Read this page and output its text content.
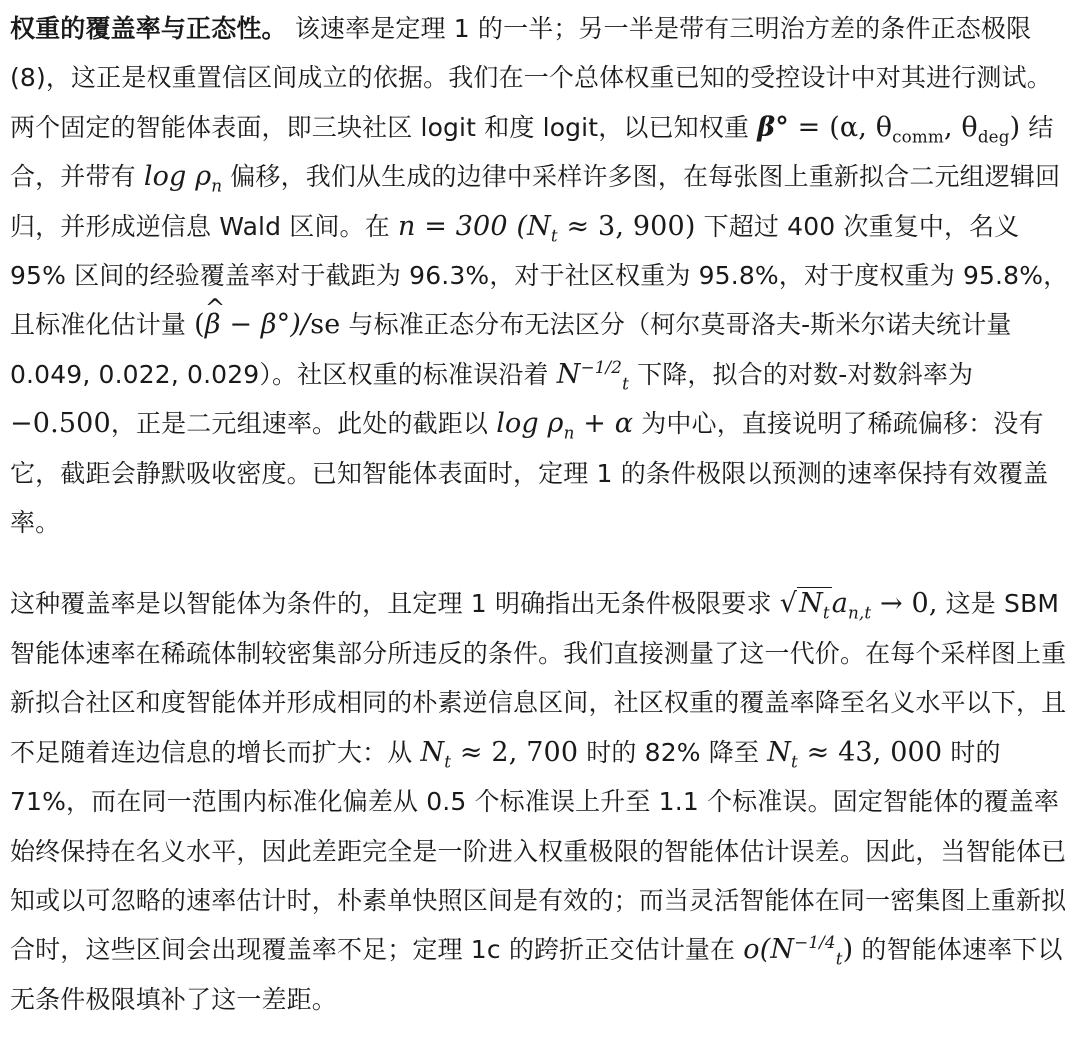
权重的覆盖率与正态性。 该速率是定理 1 的一半；另一半是带有三明治方差的条件正态极限 (8)，这正是权重置信区间成立的依据。我们在一个总体权重已知的受控设计中对其进行测试。两个固定的智能体表面，即三块社区 logit 和度 logit，以已知权重 β° = (α, $\theta_{comm}$, $\theta_{deg}$) 结合，并带有 $\log \rho_n$ 偏移，我们从生成的边律中采样许多图，在每张图上重新拟合二元组逻辑回归，并形成逆信息 Wald 区间。在 n = 300 ($N_t \approx 3$, 900) 下超过 400 次重复中，名义 95% 区间的经验覆盖率对于截距为 96.3%，对于社区权重为 95.8%，对于度权重为 95.8%，且标准化估计量 (^ β − β°)/se 与标准正态分布无法区分（柯尔莫哥洛夫-斯米尔诺夫统计量 0.049, 0.022, 0.029）。社区权重的标准误沿着 $N^{-1/2}_t$ 下降，拟合的对数-对数斜率为 −0.500，正是二元组速率。此处的截距以 $\log \rho_n + \alpha$ 为中心，直接说明了稀疏偏移：没有它，截距会静默吸收密度。已知智能体表面时，定理 1 的条件极限以预测的速率保持有效覆盖率。

这种覆盖率是以智能体为条件的，且定理 1 明确指出无条件极限要求 $√N_ta_{n,t} \to 0$, 这是 SBM 智能体速率在稀疏体制较密集部分所违反的条件。我们直接测量了这一代价。在每个采样图上重新拟合社区和度智能体并形成相同的朴素逆信息区间，社区权重的覆盖率降至名义水平以下，且不足随着连边信息的增长而扩大：从 $N_t \approx 2$, 700 时的 82% 降至 $N_t \approx 43$, 000 时的 71%，而在同一范围内标准化偏差从 0.5 个标准误上升至 1.1 个标准误。固定智能体的覆盖率始终保持在名义水平，因此差距完全是一阶进入权重极限的智能体估计误差。因此，当智能体已知或以可忽略的速率估计时，朴素单快照区间是有效的；而当灵活智能体在同一密集图上重新拟合时，这些区间会出现覆盖率不足；定理 1c 的跨折正交估计量在 $o(N^{-1/4}_t)$ 的智能体速率下以无条件极限填补了这一差距。
